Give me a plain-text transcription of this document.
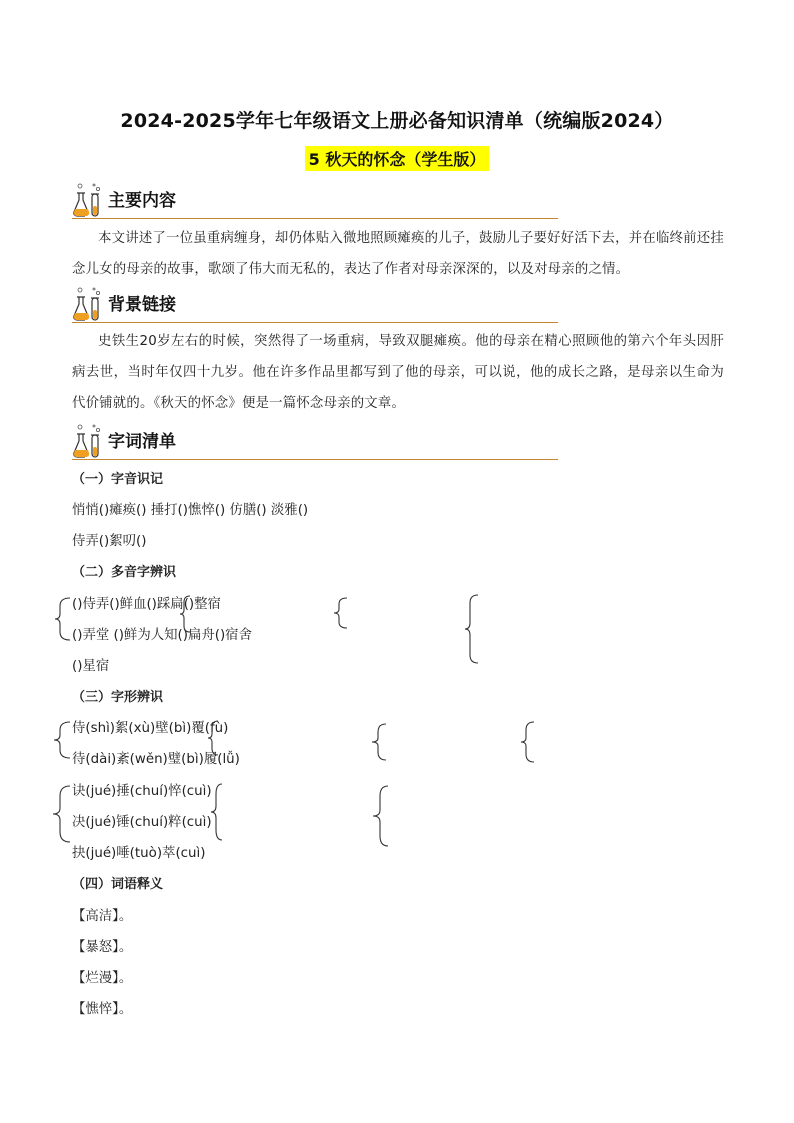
2024-2025学年七年级语文上册必备知识清单（统编版2024）
5 秋天的怀念（学生版）
主要内容
本文讲述了一位虽重病缠身，却仍体贴入微地照顾瘫痪的儿子，鼓励儿子要好好活下去，并在临终前还挂念儿女的母亲的故事，歌颂了伟大而无私的，表达了作者对母亲深深的，以及对母亲的之情。
背景链接
史铁生20岁左右的时候，突然得了一场重病，导致双腿瘫痪。他的母亲在精心照顾他的第六个年头因肝病去世，当时年仅四十九岁。他在许多作品里都写到了他的母亲，可以说，他的成长之路，是母亲以生命为代价铺就的。《秋天的怀念》便是一篇怀念母亲的文章。
字词清单
（一）字音识记
悄悄()瘫痪() 捶打()憔悴() 仿膳() 淡雅()
侍弄()絮叨()
（二）多音字辨识
()侍弄()鲜血()踩扁()整宿
()弄堂 ()鲜为人知()扁舟()宿舍
()星宿
（三）字形辨识
侍(shì)絮(xù)壁(bì)覆(fù)
待(dài)紊(wěn)璧(bì)履(lǚ)
诀(jué)捶(chuí)悴(cuì)
决(jué)锤(chuí)粹(cuì)
抉(jué)唾(tuò)萃(cuì)
（四）词语释义
【高洁】。
【暴怒】。
【烂漫】。
【憔悴】。
